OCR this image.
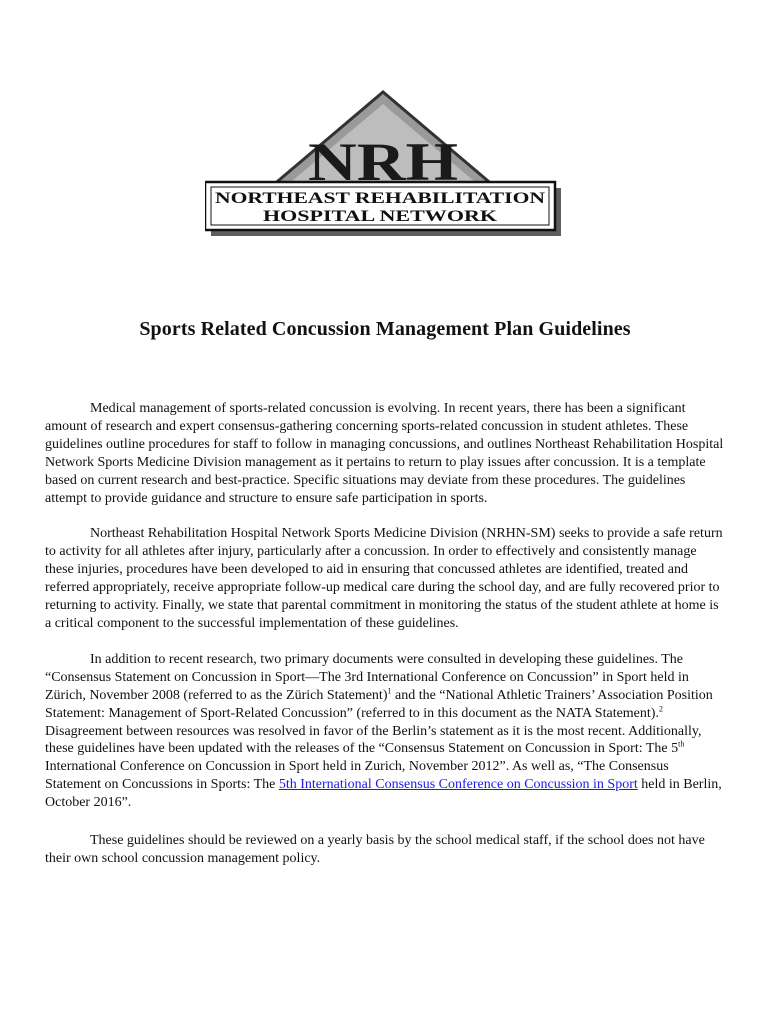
NRH
NORTHEAST REHABILITATION
HOSPITAL NETWORK
Sports Related Concussion Management Plan Guidelines

Medical management of sports-related concussion is evolving. In recent years, there has been a significant amount of research and expert consensus-gathering concerning sports-related concussion in student athletes. These guidelines outline procedures for staff to follow in managing concussions, and outlines Northeast Rehabilitation Hospital Network Sports Medicine Division management as it pertains to return to play issues after concussion. It is a template based on current research and best-practice. Specific situations may deviate from these procedures. The guidelines attempt to provide guidance and structure to ensure safe participation in sports.

Northeast Rehabilitation Hospital Network Sports Medicine Division (NRHN-SM) seeks to provide a safe return to activity for all athletes after injury, particularly after a concussion. In order to effectively and consistently manage these injuries, procedures have been developed to aid in ensuring that concussed athletes are identified, treated and referred appropriately, receive appropriate follow-up medical care during the school day, and are fully recovered prior to returning to activity. Finally, we state that parental commitment in monitoring the status of the student athlete at home is a critical component to the successful implementation of these guidelines.

In addition to recent research, two primary documents were consulted in developing these guidelines. The “Consensus Statement on Concussion in Sport—The 3rd International Conference on Concussion” in Sport held in Zürich, November 2008 (referred to as the Zürich Statement)$^1$ and the “National Athletic Trainers’ Association Position Statement: Management of Sport-Related Concussion” (referred to in this document as the NATA Statement).$^2$ Disagreement between resources was resolved in favor of the Berlin’s statement as it is the most recent. Additionally, these guidelines have been updated with the releases of the “Consensus Statement on Concussion in Sport: The 5th International Conference on Concussion in Sport held in Zurich, November 2012”. As well as, “The Consensus Statement on Concussions in Sports: The 5th International Consensus Conference on Concussion in Sport held in Berlin, October 2016”.

These guidelines should be reviewed on a yearly basis by the school medical staff, if the school does not have their own school concussion management policy.
